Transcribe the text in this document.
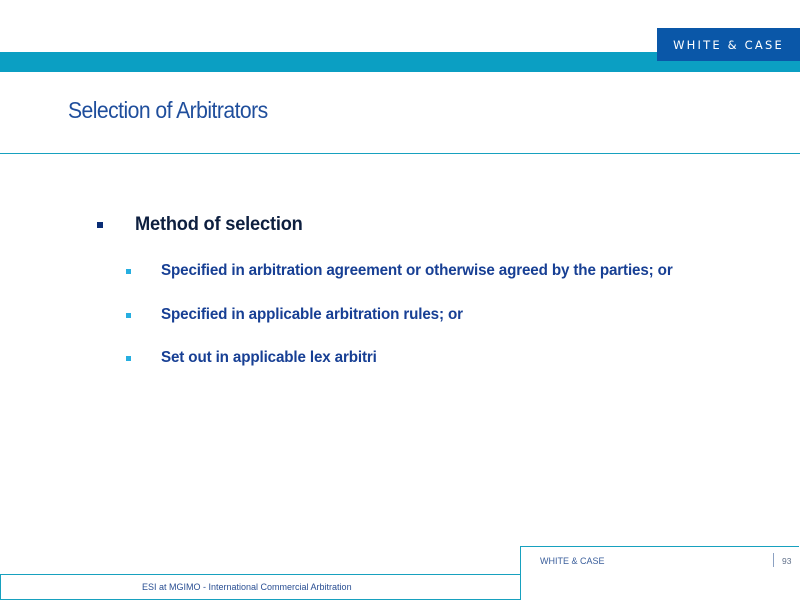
WHITE & CASE
Selection of Arbitrators
Method of selection
Specified in arbitration agreement or otherwise agreed by the parties; or
Specified in applicable arbitration rules; or
Set out in applicable lex arbitri
WHITE & CASE	93
ESI at MGIMO - International Commercial Arbitration
